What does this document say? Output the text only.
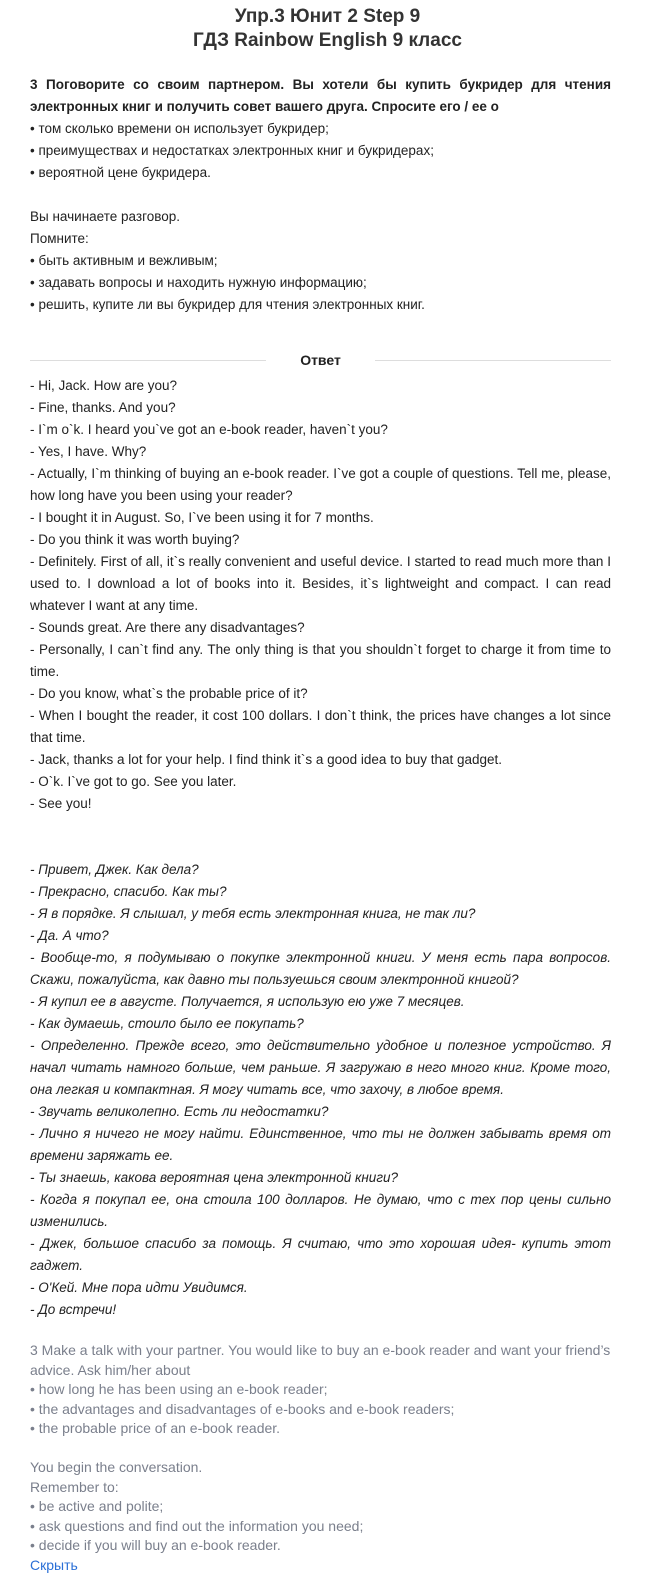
Упр.3 Юнит 2 Step 9
ГДЗ Rainbow English 9 класс
3 Поговорите со своим партнером. Вы хотели бы купить букридер для чтения электронных книг и получить совет вашего друга. Спросите его / ее о
• том сколько времени он использует букридер;
• преимуществах и недостатках электронных книг и букридерах;
• вероятной цене букридера.
Вы начинаете разговор.
Помните:
• быть активным и вежливым;
• задавать вопросы и находить нужную информацию;
• решить, купите ли вы букридер для чтения электронных книг.
Ответ
- Hi, Jack. How are you?
- Fine, thanks. And you?
- I`m o`k. I heard you`ve got an e-book reader, haven`t you?
- Yes, I have. Why?
- Actually, I`m thinking of buying an e-book reader. I`ve got a couple of questions. Tell me, please, how long have you been using your reader?
- I bought it in August. So, I`ve been using it for 7 months.
- Do you think it was worth buying?
- Definitely. First of all, it`s really convenient and useful device. I started to read much more than I used to. I download a lot of books into it. Besides, it`s lightweight and compact. I can read whatever I want at any time.
- Sounds great. Are there any disadvantages?
- Personally, I can`t find any. The only thing is that you shouldn`t forget to charge it from time to time.
- Do you know, what`s the probable price of it?
- When I bought the reader, it cost 100 dollars. I don`t think, the prices have changes a lot since that time.
- Jack, thanks a lot for your help. I find think it`s a good idea to buy that gadget.
- O`k. I`ve got to go. See you later.
- See you!
- Привет, Джек. Как дела?
- Прекрасно, спасибо. Как ты?
- Я в порядке. Я слышал, у тебя есть электронная книга, не так ли?
- Да. А что?
- Вообще-то, я подумываю о покупке электронной книги. У меня есть пара вопросов. Скажи, пожалуйста, как давно ты пользуешься своим электронной книгой?
- Я купил ее в августе. Получается, я использую ею уже 7 месяцев.
- Как думаешь, стоило было ее покупать?
- Определенно. Прежде всего, это действительно удобное и полезное устройство. Я начал читать намного больше, чем раньше. Я загружаю в него много книг. Кроме того, она легкая и компактная. Я могу читать все, что захочу, в любое время.
- Звучать великолепно. Есть ли недостатки?
- Лично я ничего не могу найти. Единственное, что ты не должен забывать время от времени заряжать ее.
- Ты знаешь, какова вероятная цена электронной книги?
- Когда я покупал ее, она стоила 100 долларов. Не думаю, что с тех пор цены сильно изменились.
- Джек, большое спасибо за помощь. Я считаю, что это хорошая идея- купить этот гаджет.
- О'Кей. Мне пора идти Увидимся.
- До встречи!
3 Make a talk with your partner. You would like to buy an e-book reader and want your friend’s advice. Ask him/her about
• how long he has been using an e-book reader;
• the advantages and disadvantages of e-books and e-book readers;
• the probable price of an e-book reader.
You begin the conversation.
Remember to:
• be active and polite;
• ask questions and find out the information you need;
• decide if you will buy an e-book reader.
Скрыть
